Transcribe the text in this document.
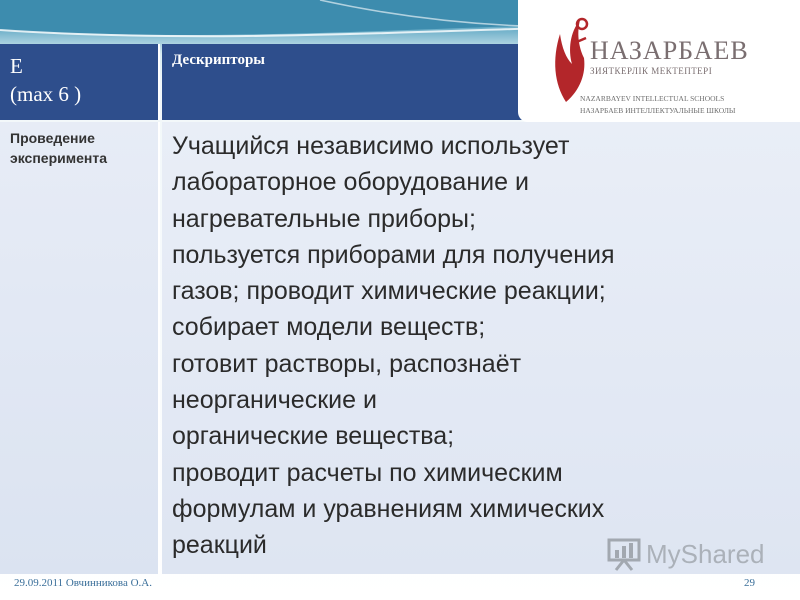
E
(max 6 )
Дескрипторы
Проведение эксперимента	Учащийся независимо использует
лабораторное оборудование и
нагревательные приборы;
пользуется приборами для получения
газов; проводит химические реакции;
собирает модели веществ;
готовит растворы, распознаёт
неорганические и
органические вещества;
проводит расчеты по химическим
формулам и уравнениям химических
реакций
НАЗАРБАЕВ
ЗИЯТКЕРЛІК МЕКТЕПТЕРІ
NAZARBAYEV INTELLECTUAL SCHOOLS
НАЗАРБАЕВ ИНТЕЛЛЕКТУАЛЬНЫЕ ШКОЛЫ
MyShared
29.09.2011 Овчинникова О.А.	29
